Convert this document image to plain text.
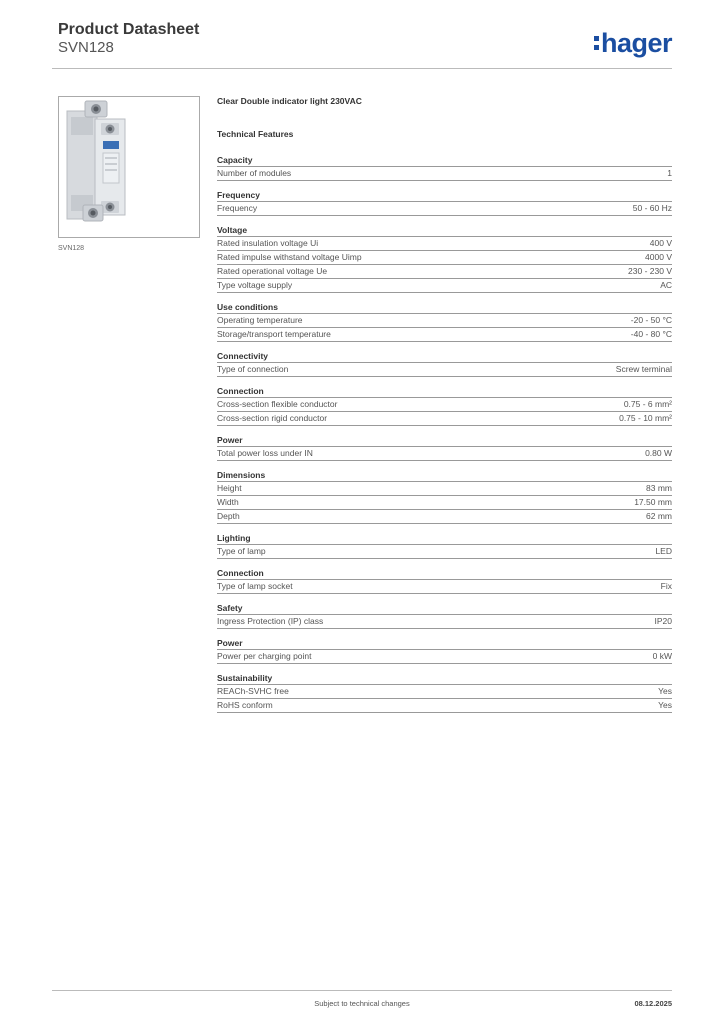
Product Datasheet
SVN128	hager
SVN128
Clear Double indicator light 230VAC
Technical Features
Capacity
Number of modules	1
Frequency
Frequency	50 - 60 Hz
Voltage
Rated insulation voltage Ui	400 V
Rated impulse withstand voltage Uimp	4000 V
Rated operational voltage Ue	230 - 230 V
Type voltage supply	AC
Use conditions
Operating temperature	-20 - 50 °C
Storage/transport temperature	-40 - 80 °C
Connectivity
Type of connection	Screw terminal
Connection
Cross-section flexible conductor	0.75 - 6 mm²
Cross-section rigid conductor	0.75 - 10 mm²
Power
Total power loss under IN	0.80 W
Dimensions
Height	83 mm
Width	17.50 mm
Depth	62 mm
Lighting
Type of lamp	LED
Connection
Type of lamp socket	Fix
Safety
Ingress Protection (IP) class	IP20
Power
Power per charging point	0 kW
Sustainability
REACh-SVHC free	Yes
RoHS conform	Yes
Subject to technical changes	08.12.2025
